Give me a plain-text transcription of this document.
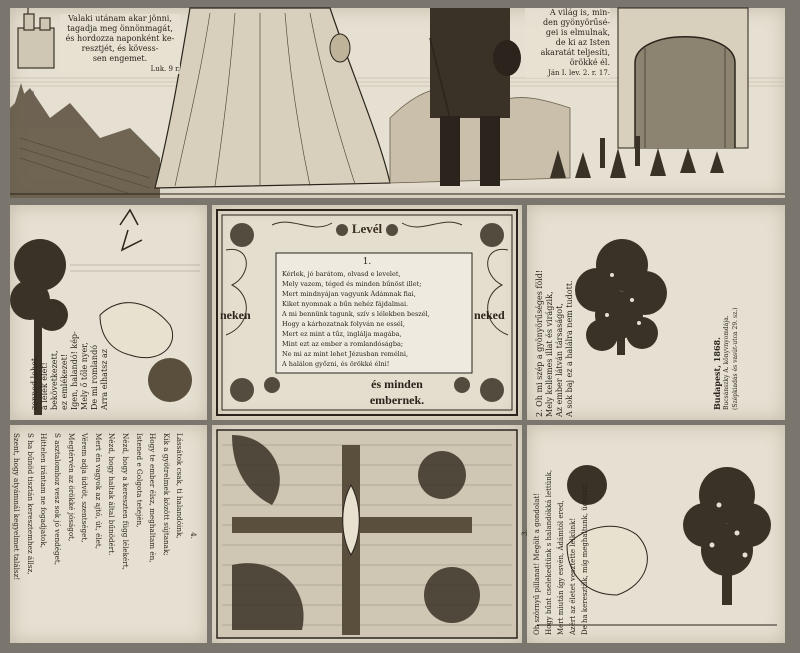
Valaki utánam akar jönni,
tagadja meg önnönmagát,
és hordozza naponként ke-
resztjét, és kövess-
sen engemet.
Luk. 9 r.
A világ is, min-
den gyönyörűsé-
gei is elmulnak,
de ki az Isten
akaratát teljesíti,
örökké él.
Ján I. lev. 2. r. 17.
zenned lehet, a lélek élet! bekövetkezett, ez emlékezet! Igen, halandó! kép- Mely ő tőle nyer, De mi romlandó Arra elhatsz az
Levél
1.
neken	neked
Kérlek, jó barátom, olvasd e levelet,
Mely vazem, téged és minden bűnöst illet;
Mert mindnyájan vagyunk Ádámnak fiai,
Kiket nyomnak a bűn nehéz fájdalmai.
A mi bennünk tagunk, szív s lélekben beszél,
Hogy a kárhozatnak folyván ne essél,
Mert ez mint a tűz, inglálja magába,
Mint ezt az ember a romlandóságba;
Ne mi az mint lehet Jézusban remélni,
A halálon győzni, és örökké élni!
és minden
embernek.
2. Oh mi szép a gyönyörűséges föld! Mely kellemes illat és virágzik, Az ember látván társaságot, A sok baj ez a halálra nem tudott.	Budapest, 1868. Bucsánszky A. könyvnyomdája. (Szépkiadás és vasút-utca 29. sz.)
4.
Lássátok csak, ti halandóink,
Kik a gyötrelmek között sújtanak;
Hogy te ember élsz, meghaltam én,
Istened e Golgota tetején,
Nézd, hogy a kereszten függ lélekért,
Nézd, hogy haltak által bűnödért.
Mert én vagyok az ajtó, út, élet,
Vérem adja üdvöt, szentséget,
Megtérvén az örökké jóságot,
S asztalomhoz vesz sok jó vendéget,
Hittelen irántam ne fogadjatok,
S ha bűnöd tisztán keresztemhez állsz,
Szent, hogy atyámnál kegyelmet találsz!	3. Oh szörnyű pillanat! Megölt a gondolat! Hogy bűnt cselekedtünk s halandókká lettünk, Mert miután így esvén, Ádámtól ered, Azért az életet vesztette lelkünk! De ha keresztük, míg meghaltunk, üdvözít.
